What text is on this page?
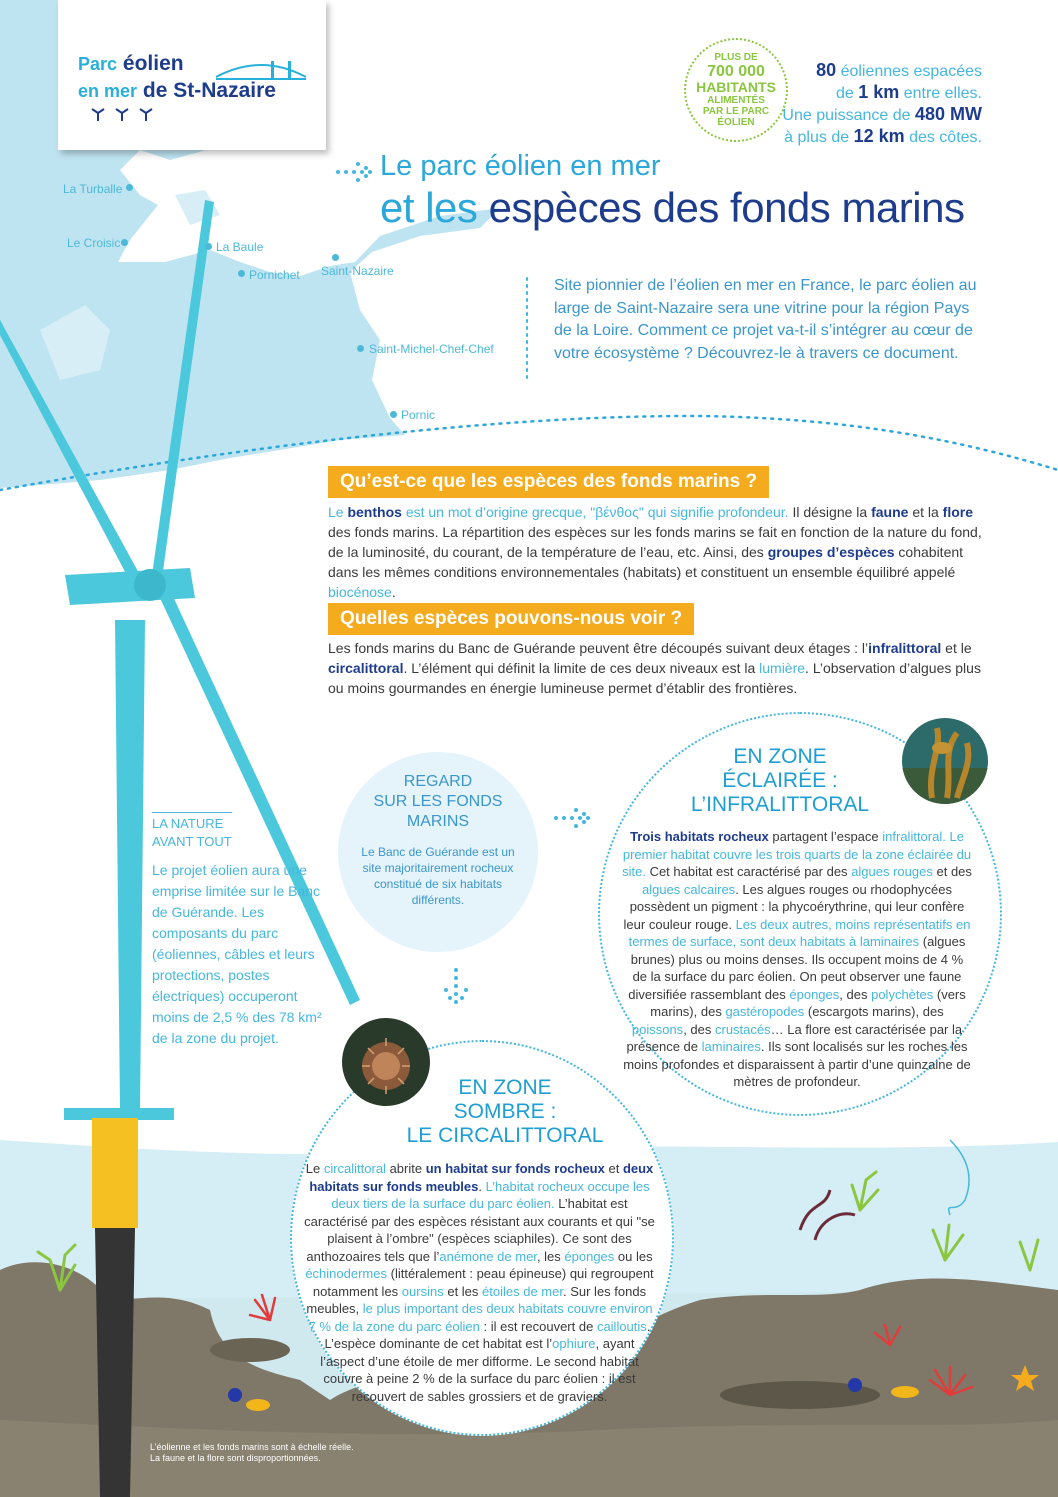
Parc éolien
en mer de St-Nazaire
PLUS DE
700 000
HABITANTS
ALIMENTÉS
PAR LE PARC
ÉOLIEN
80 éoliennes espacées
de 1 km entre elles.
Une puissance de 480 MW
à plus de 12 km des côtes.
Le parc éolien en mer
et les espèces des fonds marins
La Turballe
Le Croisic	La Baule
Pornichet Saint-Nazaire
Saint-Michel-Chef-Chef
Pornic
Site pionnier de l’éolien en mer en France, le parc éolien au large de Saint-Nazaire sera une vitrine pour la région Pays de la Loire. Comment ce projet va-t-il s’intégrer au cœur de votre écosystème ? Découvrez-le à travers ce document.
Qu’est-ce que les espèces des fonds marins ?
Le benthos est un mot d’origine grecque, "βένθος" qui signifie profondeur. Il désigne la faune et la flore des fonds marins. La répartition des espèces sur les fonds marins se fait en fonction de la nature du fond, de la luminosité, du courant, de la température de l’eau, etc. Ainsi, des groupes d’espèces cohabitent dans les mêmes conditions environnementales (habitats) et constituent un ensemble équilibré appelé biocénose.
Quelles espèces pouvons-nous voir ?
Les fonds marins du Banc de Guérande peuvent être découpés suivant deux étages : l’infralittoral et le circalittoral. L’élément qui définit la limite de ces deux niveaux est la lumière. L’observation d’algues plus ou moins gourmandes en énergie lumineuse permet d’établir des frontières.
LA NATURE
AVANT TOUT
Le projet éolien aura une emprise limitée sur le Banc de Guérande. Les composants du parc (éoliennes, câbles et leurs protections, postes électriques) occuperont moins de 2,5 % des 78 km² de la zone du projet.
REGARD
SUR LES FONDS
MARINS
Le Banc de Guérande est un site majoritairement rocheux constitué de six habitats différents.
EN ZONE
ÉCLAIRÉE :
L’INFRALITTORAL
Trois habitats rocheux partagent l’espace infralittoral. Le premier habitat couvre les trois quarts de la zone éclairée du site. Cet habitat est caractérisé par des algues rouges et des algues calcaires. Les algues rouges ou rhodophycées possèdent un pigment : la phycoérythrine, qui leur confère leur couleur rouge. Les deux autres, moins représentatifs en termes de surface, sont deux habitats à laminaires (algues brunes) plus ou moins denses. Ils occupent moins de 4 % de la surface du parc éolien. On peut observer une faune diversifiée rassemblant des éponges, des polychètes (vers marins), des gastéropodes (escargots marins), des poissons, des crustacés… La flore est caractérisée par la présence de laminaires. Ils sont localisés sur les roches les moins profondes et disparaissent à partir d’une quinzaine de mètres de profondeur.
EN ZONE
SOMBRE :
LE CIRCALITTORAL
Le circalittoral abrite un habitat sur fonds rocheux et deux habitats sur fonds meubles. L’habitat rocheux occupe les deux tiers de la surface du parc éolien. L’habitat est caractérisé par des espèces résistant aux courants et qui "se plaisent à l’ombre" (espèces sciaphiles). Ce sont des anthozoaires tels que l’anémone de mer, les éponges ou les échinodermes (littéralement : peau épineuse) qui regroupent notamment les oursins et les étoiles de mer. Sur les fonds meubles, le plus important des deux habitats couvre environ 7 % de la zone du parc éolien : il est recouvert de cailloutis. L’espèce dominante de cet habitat est l’ophiure, ayant l’aspect d’une étoile de mer difforme. Le second habitat couvre à peine 2 % de la surface du parc éolien : il est recouvert de sables grossiers et de graviers.
L’éolienne et les fonds marins sont à échelle réelle.
La faune et la flore sont disproportionnées.
